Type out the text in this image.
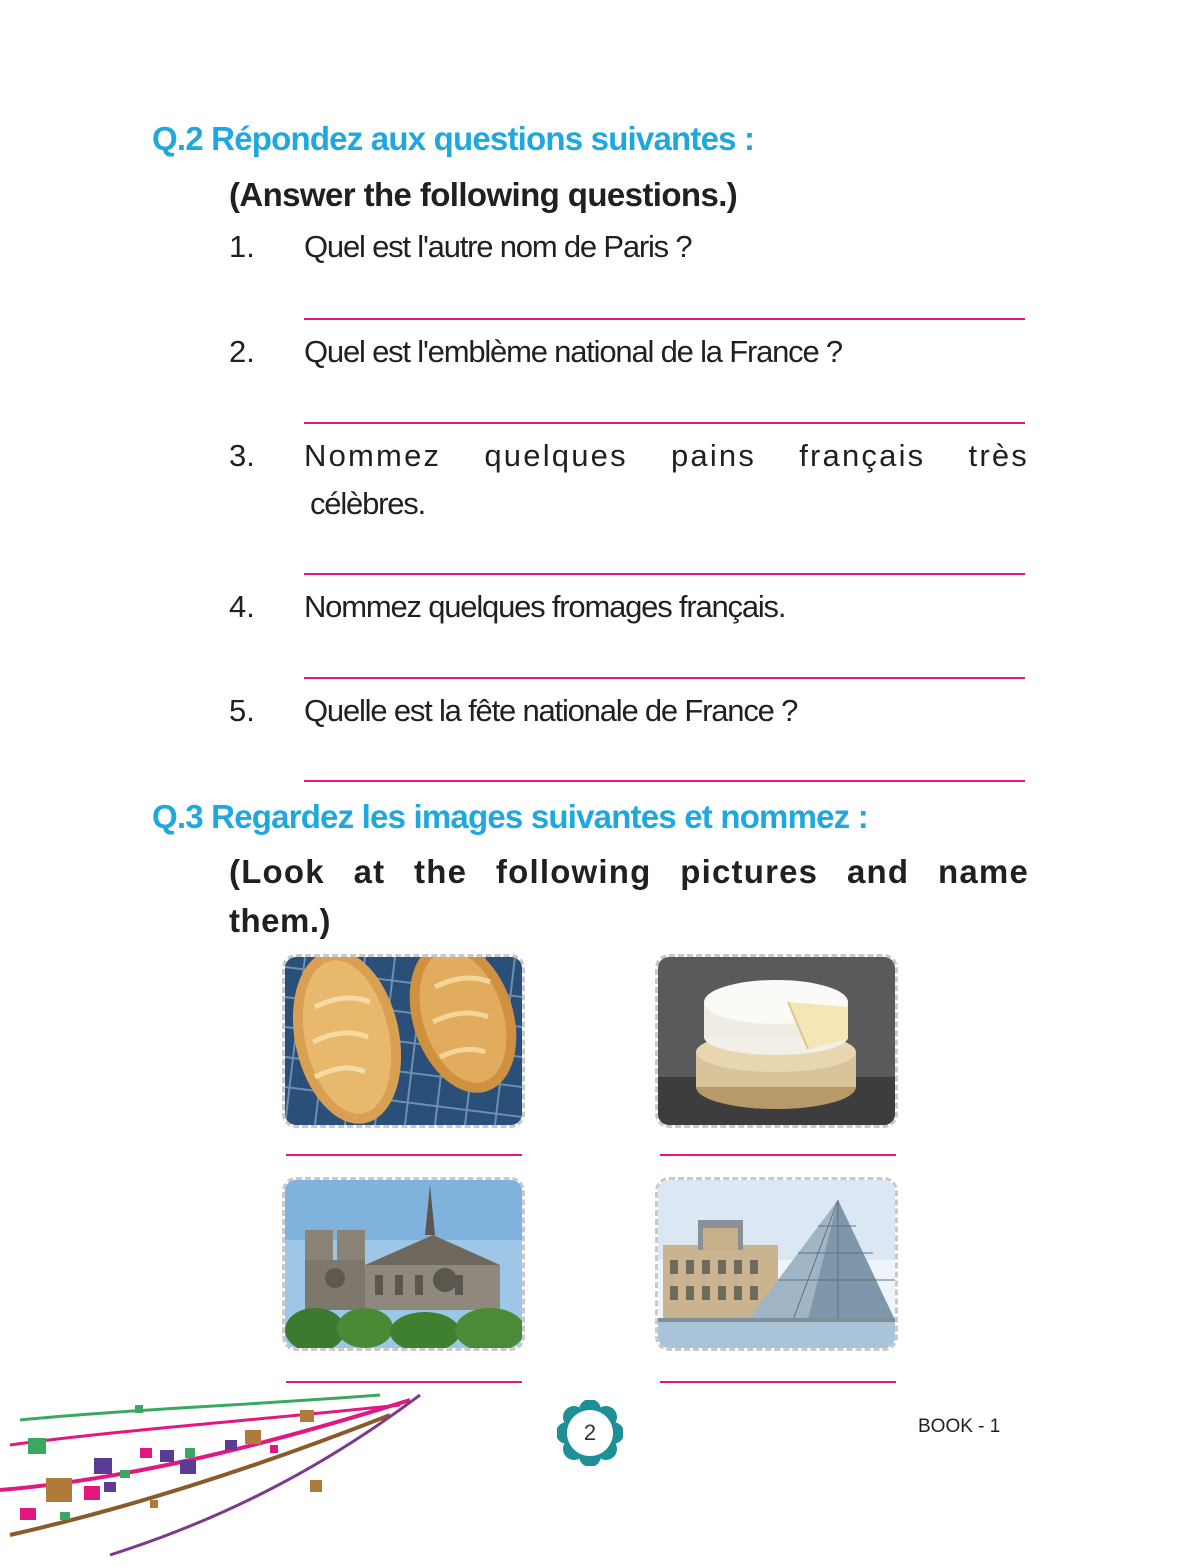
Q.2 Répondez aux questions suivantes :
(Answer the following questions.)
1. Quel est l'autre nom de Paris ?
2. Quel est l'emblème national de la France ?
3. Nommez quelques pains français très
célèbres.
4. Nommez quelques fromages français.
5. Quelle est la fête nationale de France ?
Q.3 Regardez les images suivantes et nommez :
(Look at the following pictures and name
them.)
2	BOOK - 1
